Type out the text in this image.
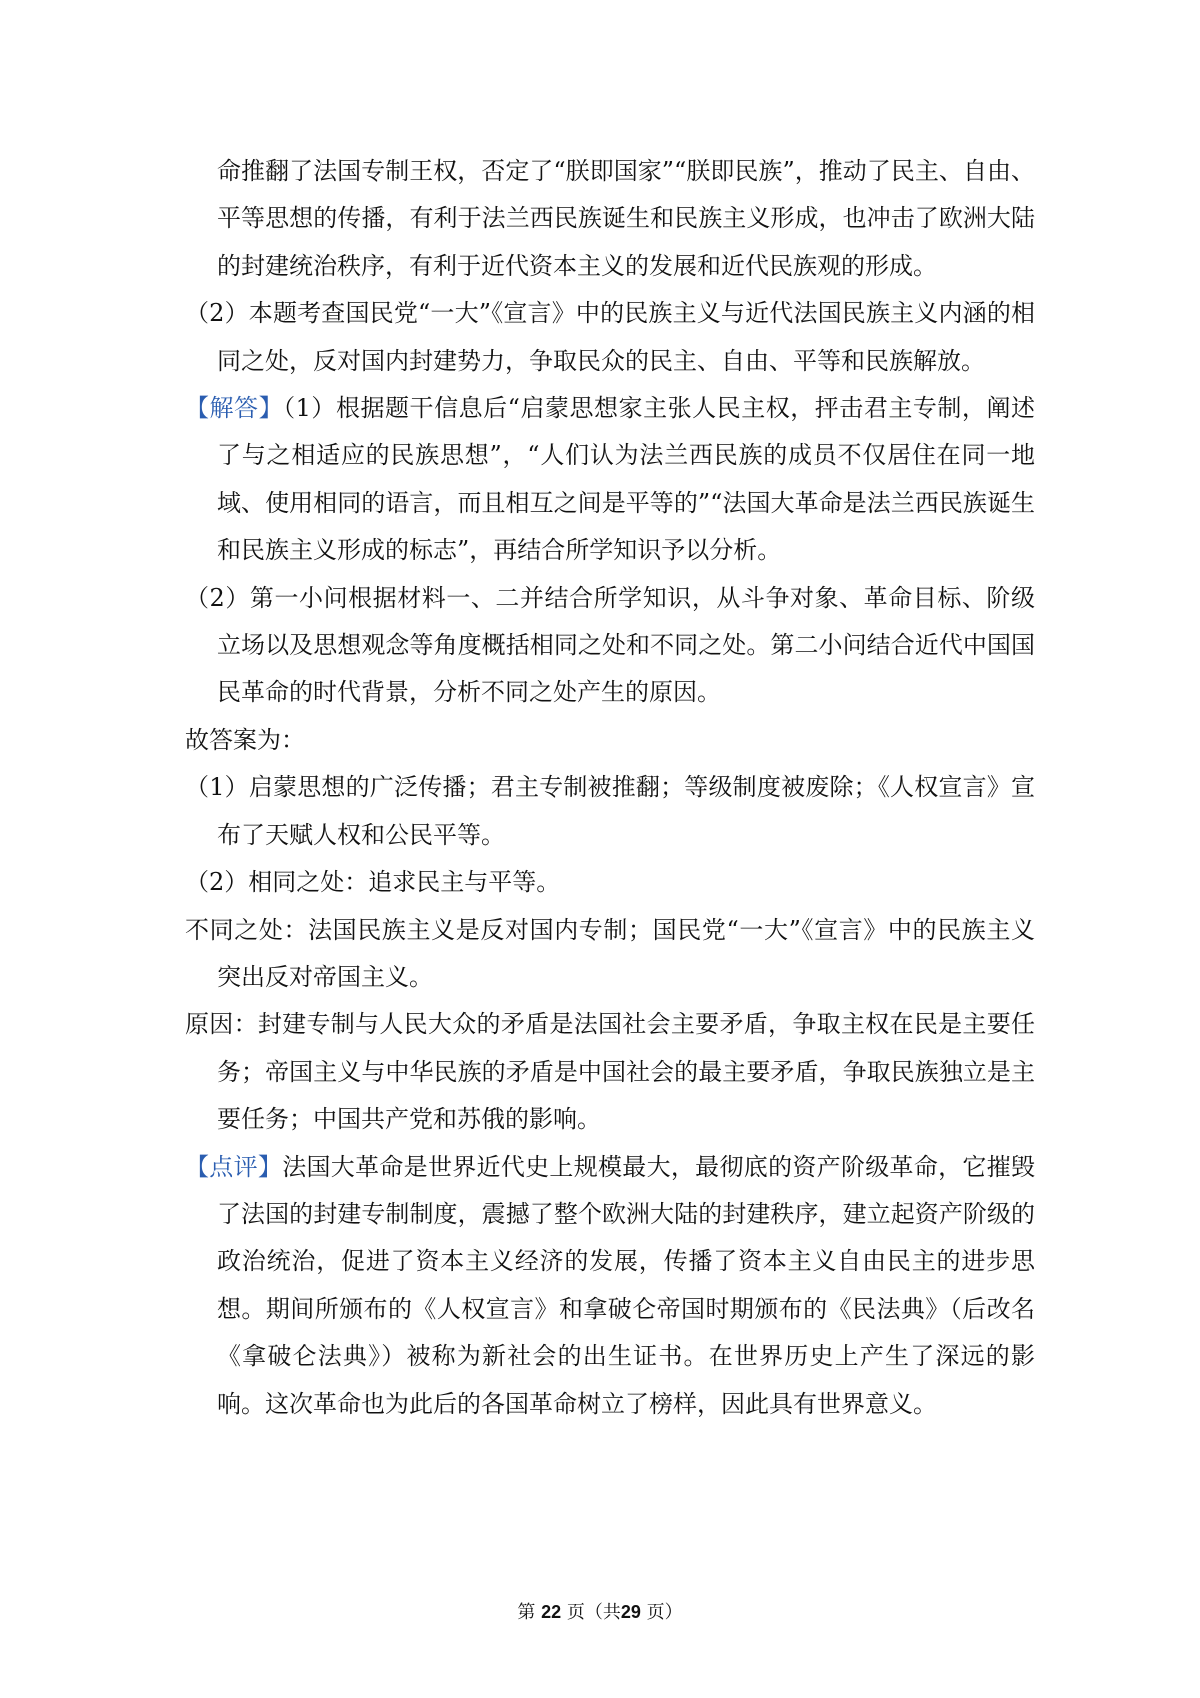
命推翻了法国专制王权，否定了“朕即国家”“朕即民族”，推动了民主、自由、平等思想的传播，有利于法兰西民族诞生和民族主义形成，也冲击了欧洲大陆的封建统治秩序，有利于近代资本主义的发展和近代民族观的形成。

（2）本题考查国民党“一大”《宣言》中的民族主义与近代法国民族主义内涵的相同之处，反对国内封建势力，争取民众的民主、自由、平等和民族解放。

【解答】（1）根据题干信息后“启蒙思想家主张人民主权，抨击君主专制，阐述了与之相适应的民族思想”，“人们认为法兰西民族的成员不仅居住在同一地域、使用相同的语言，而且相互之间是平等的”“法国大革命是法兰西民族诞生和民族主义形成的标志”，再结合所学知识予以分析。

（2）第一小问根据材料一、二并结合所学知识，从斗争对象、革命目标、阶级立场以及思想观念等角度概括相同之处和不同之处。第二小问结合近代中国国民革命的时代背景，分析不同之处产生的原因。

故答案为：

（1）启蒙思想的广泛传播；君主专制被推翻；等级制度被废除；《人权宣言》宣布了天赋人权和公民平等。

（2）相同之处：追求民主与平等。

不同之处：法国民族主义是反对国内专制；国民党“一大”《宣言》中的民族主义突出反对帝国主义。

原因：封建专制与人民大众的矛盾是法国社会主要矛盾，争取主权在民是主要任务；帝国主义与中华民族的矛盾是中国社会的最主要矛盾，争取民族独立是主要任务；中国共产党和苏俄的影响。

【点评】法国大革命是世界近代史上规模最大，最彻底的资产阶级革命，它摧毁了法国的封建专制制度，震撼了整个欧洲大陆的封建秩序，建立起资产阶级的政治统治，促进了资本主义经济的发展，传播了资本主义自由民主的进步思想。期间所颁布的《人权宣言》和拿破仑帝国时期颁布的《民法典》（后改名《拿破仑法典》）被称为新社会的出生证书。在世界历史上产生了深远的影响。这次革命也为此后的各国革命树立了榜样，因此具有世界意义。

第 22 页（共29 页）
